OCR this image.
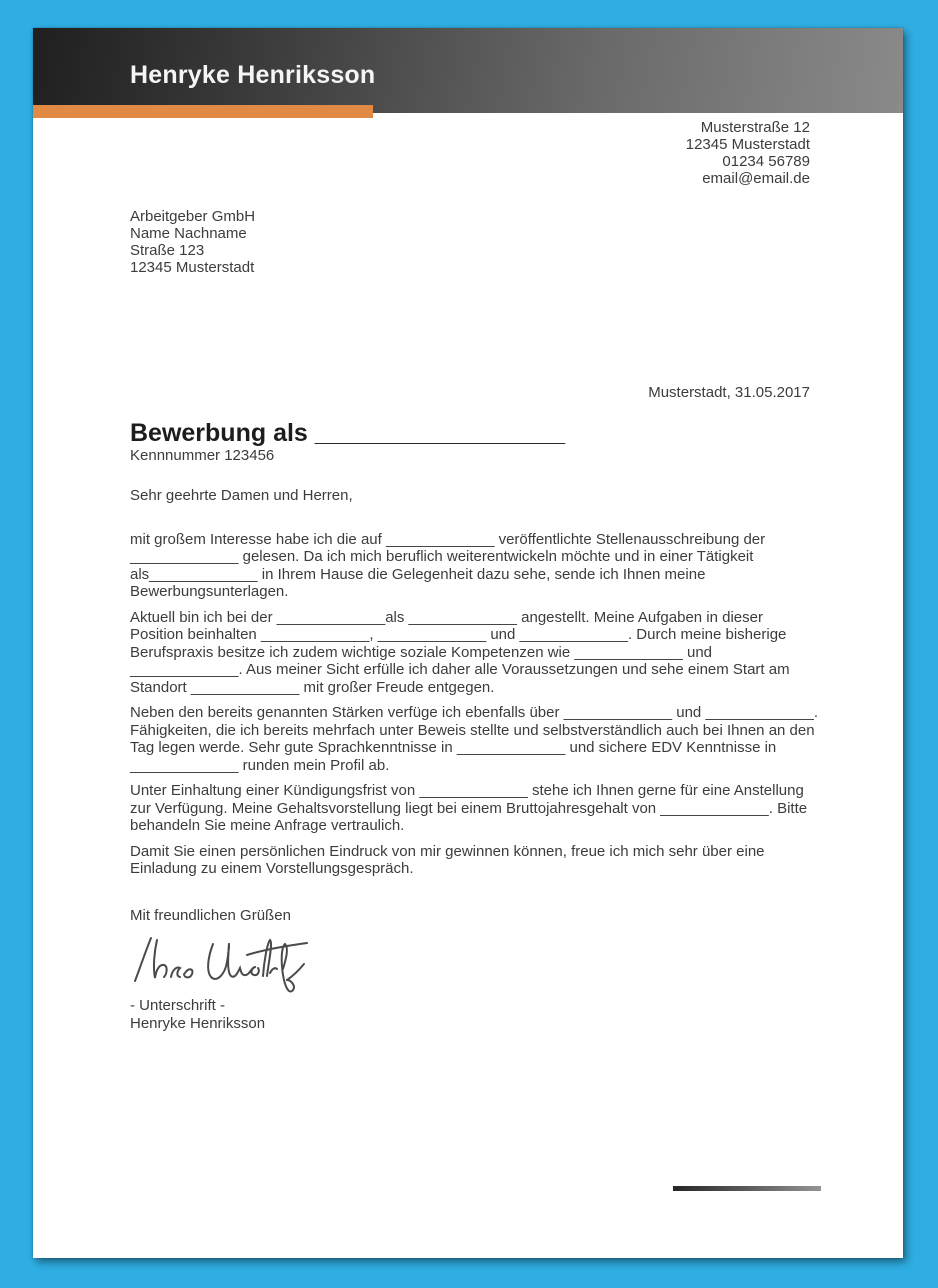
Henryke Henriksson
Musterstraße 12
12345 Musterstadt
01234 56789
email@email.de
Arbeitgeber GmbH
Name Nachname
Straße 123
12345 Musterstadt
Musterstadt, 31.05.2017
Bewerbung als __________________
Kennnummer 123456
Sehr geehrte Damen und Herren,

mit großem Interesse habe ich die auf _____________ veröffentlichte Stellenausschreibung der _____________ gelesen. Da ich mich beruflich weiterentwickeln möchte und in einer Tätigkeit als_____________ in Ihrem Hause die Gelegenheit dazu sehe, sende ich Ihnen meine Bewerbungsunterlagen.

Aktuell bin ich bei der _____________als _____________ angestellt. Meine Aufgaben in dieser Position beinhalten _____________, _____________ und _____________. Durch meine bisherige Berufspraxis besitze ich zudem wichtige soziale Kompetenzen wie _____________ und _____________. Aus meiner Sicht erfülle ich daher alle Voraussetzungen und sehe einem Start am Standort _____________ mit großer Freude entgegen.

Neben den bereits genannten Stärken verfüge ich ebenfalls über _____________ und _____________. Fähigkeiten, die ich bereits mehrfach unter Beweis stellte und selbstverständlich auch bei Ihnen an den Tag legen werde. Sehr gute Sprachkenntnisse in _____________ und sichere EDV Kenntnisse in _____________ runden mein Profil ab.

Unter Einhaltung einer Kündigungsfrist von _____________ stehe ich Ihnen gerne für eine Anstellung zur Verfügung. Meine Gehaltsvorstellung liegt bei einem Bruttojahresgehalt von _____________. Bitte behandeln Sie meine Anfrage vertraulich.

Damit Sie einen persönlichen Eindruck von mir gewinnen können, freue ich mich sehr über eine Einladung zu einem Vorstellungsgespräch.

Mit freundlichen Grüßen
- Unterschrift -
Henryke Henriksson
